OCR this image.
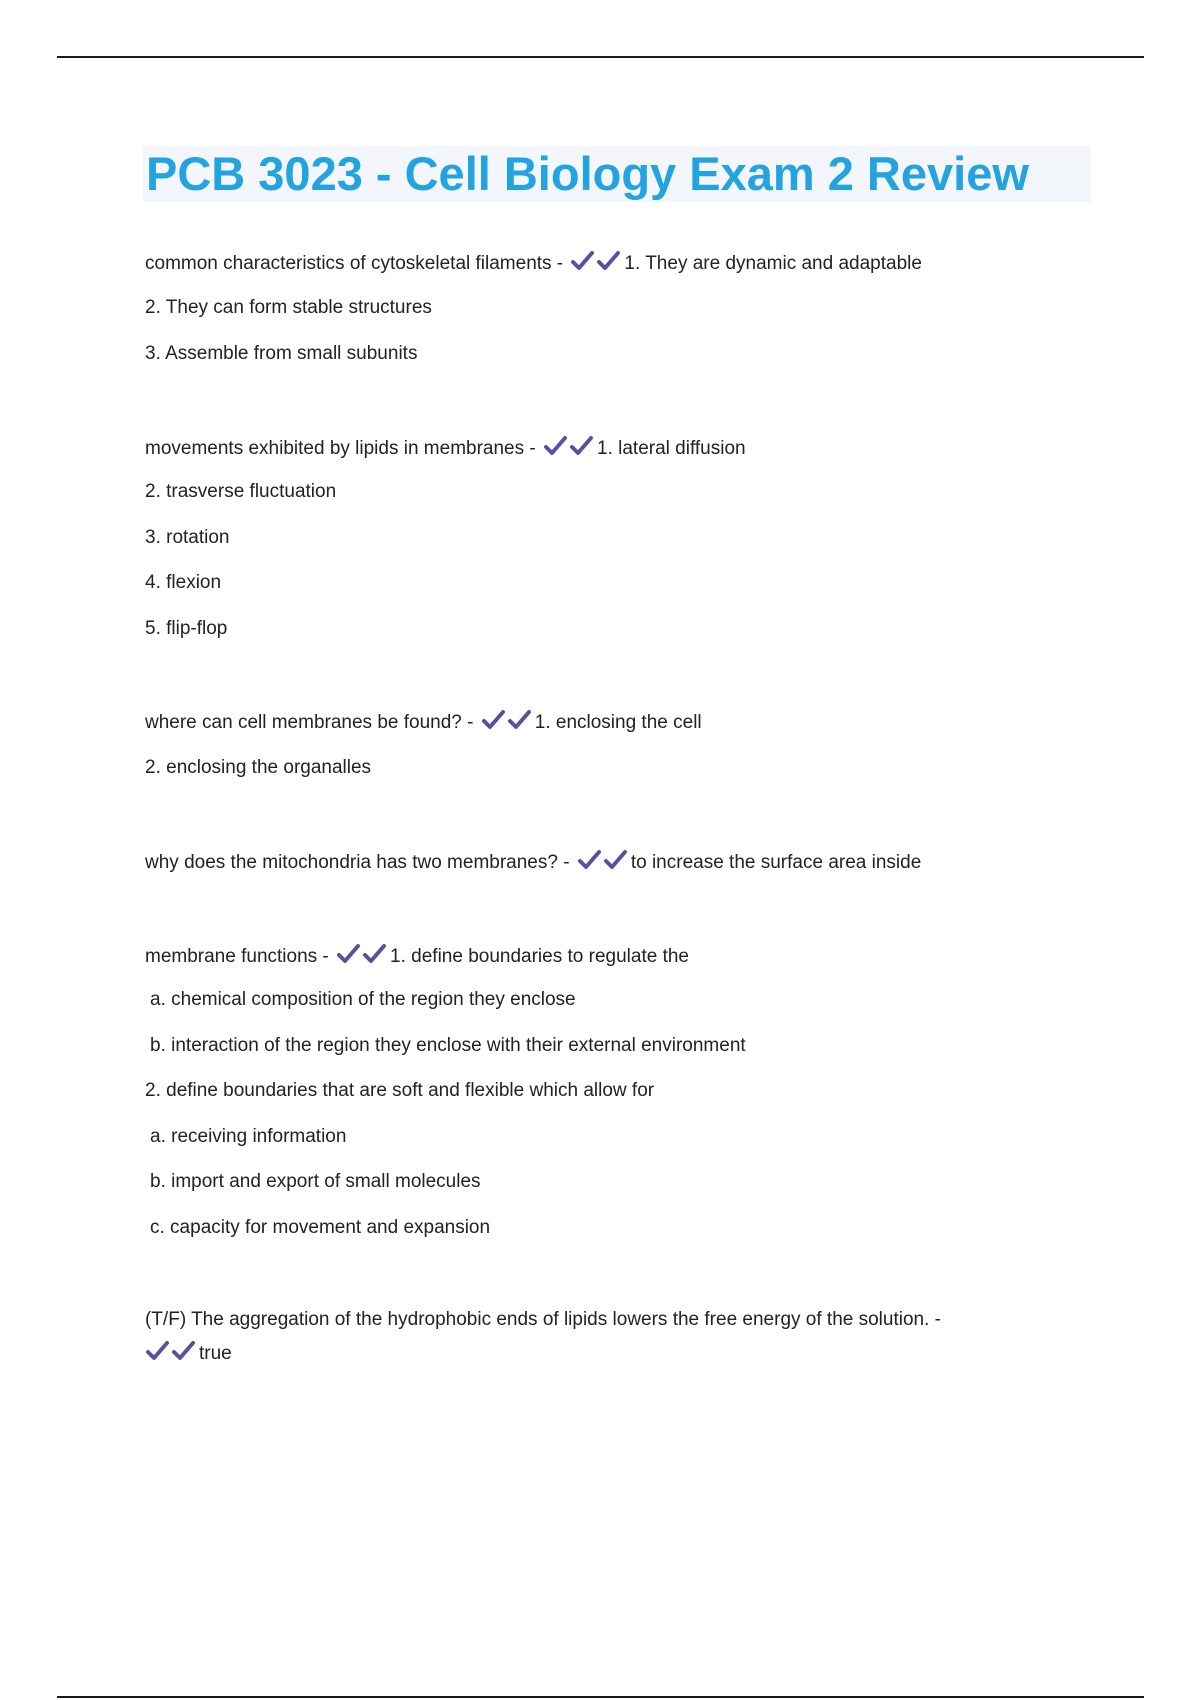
PCB 3023 - Cell Biology Exam 2 Review

common characteristics of cytoskeletal filaments -	1. They are dynamic and adaptable

2. They can form stable structures

3. Assemble from small subunits

movements exhibited by lipids in membranes -	1. lateral diffusion

2. trasverse fluctuation

3. rotation

4. flexion

5. flip-flop

where can cell membranes be found? -	1. enclosing the cell

2. enclosing the organalles

why does the mitochondria has two membranes? -	to increase the surface area inside

membrane functions -	1. define boundaries to regulate the

a. chemical composition of the region they enclose

b. interaction of the region they enclose with their external environment

2. define boundaries that are soft and flexible which allow for

a. receiving information

b. import and export of small molecules

c. capacity for movement and expansion

(T/F) The aggregation of the hydrophobic ends of lipids lowers the free energy of the solution. -

true
